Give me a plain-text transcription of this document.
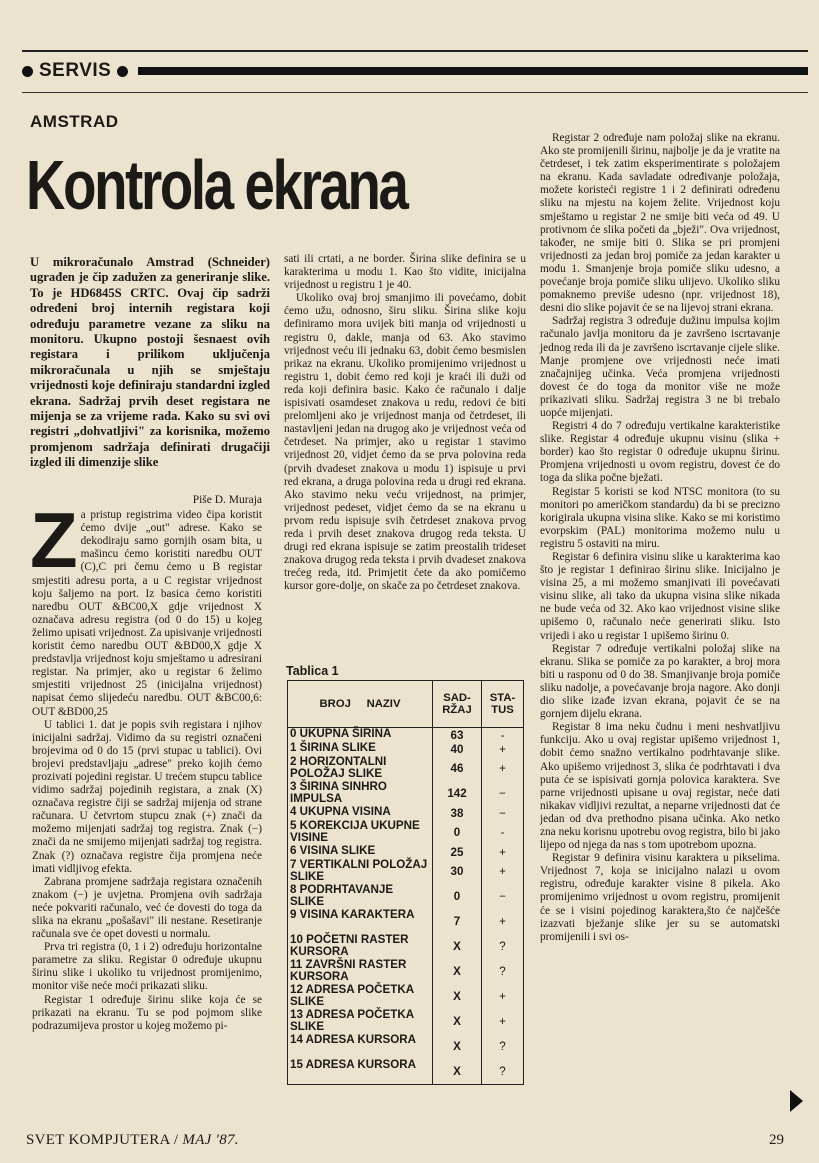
SERVIS
AMSTRAD
Kontrola ekrana
U mikroračunalo Amstrad (Schneider) ugrađen je čip zadužen za generiranje slike. To je HD6845S CRTC. Ovaj čip sadrži određeni broj internih registara koji određuju parametre vezane za sliku na monitoru. Ukupno postoji šesnaest ovih registara i prilikom uključenja mikroračunala u njih se smještaju vrijednosti koje definiraju standardni izgled ekrana. Sadržaj prvih deset registara ne mijenja se za vrijeme rada. Kako su svi ovi registri „dohvatljivi" za korisnika, možemo promjenom sadržaja definirati drugačiji izgled ili dimenzije slike

Piše D. Muraja

Za pristup registrima video čipa koristit ćemo dvije „out" adrese. Kako se dekodiraju samo gornjih osam bita, u mašincu ćemo koristiti naredbu OUT (C),C pri čemu ćemo u B registar smjestiti adresu porta, a u C registar vrijednost koju šaljemo na port. Iz basica ćemo koristiti naredbu OUT &BC00,X gdje vrijednost X označava adresu registra (od 0 do 15) u kojeg želimo upisati vrijednost. Za upisivanje vrijednosti koristit ćemo naredbu OUT &BD00,X gdje X predstavlja vrijednost koju smještamo u adresirani registar. Na primjer, ako u registar 6 želimo smjestiti vrijednost 25 (inicijalna vrijednost) napisat ćemo slijedeću naredbu. OUT &BC00,6: OUT &BD00,25

U tablici 1. dat je popis svih registara i njihov inicijalni sadržaj. Vidimo da su registri označeni brojevima od 0 do 15 (prvi stupac u tablici). Ovi brojevi predstavljaju „adrese" preko kojih ćemo prozivati pojedini registar. U trećem stupcu tablice vidimo sadržaj pojedinih registara, a znak (X) označava registre čiji se sadržaj mijenja od strane računara. U četvrtom stupcu znak (+) znači da možemo mijenjati sadržaj tog registra. Znak (−) znači da ne smijemo mijenjati sadržaj tog registra. Znak (?) označava registre čija promjena neće imati vidljivog efekta.

Zabrana promjene sadržaja registara označenih znakom (−) je uvjetna. Promjena ovih sadržaja neće pokvariti računalo, već će dovesti do toga da slika na ekranu „pošašavi" ili nestane. Resetiranje računala sve će opet dovesti u normalu.

Prva tri registra (0, 1 i 2) određuju horizontalne parametre za sliku. Registar 0 određuje ukupnu širinu slike i ukoliko tu vrijednost promijenimo, monitor više neće moći prikazati sliku.

Registar 1 određuje širinu slike koja će se prikazati na ekranu. Tu se pod pojmom slike podrazumijeva prostor u kojeg možemo pi-

sati ili crtati, a ne border. Širina slike definira se u karakterima u modu 1. Kao što vidite, inicijalna vrijednost u registru 1 je 40.

Ukoliko ovaj broj smanjimo ili povećamo, dobit ćemo užu, odnosno, širu sliku. Širina slike koju definiramo mora uvijek biti manja od vrijednosti u registru 0, dakle, manja od 63. Ako stavimo vrijednost veću ili jednaku 63, dobit ćemo besmislen prikaz na ekranu. Ukoliko promijenimo vrijednost u registru 1, dobit ćemo red koji je kraći ili duži od reda koji definira basic. Kako će računalo i dalje ispisivati osamdeset znakova u redu, redovi će biti prelomljeni ako je vrijednost manja od četrdeset, ili nastavljeni jedan na drugog ako je vrijednost veća od četrdeset. Na primjer, ako u registar 1 stavimo vrijednost 20, vidjet ćemo da se prva polovina reda (prvih dvadeset znakova u modu 1) ispisuje u prvi red ekrana, a druga polovina reda u drugi red ekrana. Ako stavimo neku veću vrijednost, na primjer, vrijednost pedeset, vidjet ćemo da se na ekranu u prvom redu ispisuje svih četrdeset znakova prvog reda i prvih deset znakova drugog reda teksta. U drugi red ekrana ispisuje se zatim preostalih trideset znakova drugog reda teksta i prvih dvadeset znakova trećeg reda, itd. Primjetit ćete da ako pomičemo kursor gore-dolje, on skače za po četrdeset znakova.

Tablica 1
BROJ NAZIV	SAD- RŽAJ	STA- TUS
0 UKUPNA ŠIRINA	63	-
1 ŠIRINA SLIKE	40	+
2 HORIZONTALNI POLOŽAJ SLIKE	46	+
3 ŠIRINA SINHRO IMPULSA	142	−
4 UKUPNA VISINA	38	−
5 KOREKCIJA UKUPNE VISINE	0	-
6 VISINA SLIKE	25	+
7 VERTIKALNI POLOŽAJ SLIKE	30	+
8 PODRHTAVANJE SLIKE	0	−
9 VISINA KARAKTERA	7	+
10 POČETNI RASTER KURSORA	X	?
11 ZAVRŠNI RASTER KURSORA	X	?
12 ADRESA POČETKA SLIKE	X	+
13 ADRESA POČETKA SLIKE	X	+
14 ADRESA KURSORA	X	?
15 ADRESA KURSORA	X	?

Registar 2 određuje nam položaj slike na ekranu. Ako ste promijenili širinu, najbolje je da je vratite na četrdeset, i tek zatim eksperimentirate s položajem na ekranu. Kada savladate određivanje položaja, možete koristeći registre 1 i 2 definirati određenu sliku na mjestu na kojem želite. Vrijednost koju smještamo u registar 2 ne smije biti veća od 49. U protivnom će slika početi da „bježi". Ova vrijednost, također, ne smije biti 0. Slika se pri promjeni vrijednosti za jedan broj pomiče za jedan karakter u modu 1. Smanjenje broja pomiče sliku udesno, a povećanje broja pomiče sliku ulijevo. Ukoliko sliku pomaknemo previše udesno (npr. vrijednost 18), desni dio slike pojavit će se na lijevoj strani ekrana.

Sadržaj registra 3 određuje dužinu impulsa kojim računalo javlja monitoru da je završeno iscrtavanje jednog reda ili da je završeno iscrtavanje cijele slike. Manje promjene ove vrijednosti neće imati značajnijeg učinka. Veća promjena vrijednosti dovest će do toga da monitor više ne može prikazivati sliku. Sadržaj registra 3 ne bi trebalo uopće mijenjati.

Registri 4 do 7 određuju vertikalne karakteristike slike. Registar 4 određuje ukupnu visinu (slika + border) kao što registar 0 određuje ukupnu širinu. Promjena vrijednosti u ovom registru, dovest će do toga da slika počne bježati.

Registar 5 koristi se kod NTSC monitora (to su monitori po američkom standardu) da bi se precizno korigirala ukupna visina slike. Kako se mi koristimo evorpskim (PAL) monitorima možemo nulu u registru 5 ostaviti na miru.

Registar 6 definira visinu slike u karakterima kao što je registar 1 definirao širinu slike. Inicijalno je visina 25, a mi možemo smanjivati ili povećavati visinu slike, ali tako da ukupna visina slike nikada ne bude veća od 32. Ako kao vrijednost visine slike upišemo 0, računalo neće generirati sliku. Isto vrijedi i ako u registar 1 upišemo širinu 0.

Registar 7 određuje vertikalni položaj slike na ekranu. Slika se pomiče za po karakter, a broj mora biti u rasponu od 0 do 38. Smanjivanje broja pomiče sliku nadolje, a povećavanje broja nagore. Ako donji dio slike izađe izvan ekrana, pojavit će se na gornjem dijelu ekrana.

Registar 8 ima neku čudnu i meni neshvatljivu funkciju. Ako u ovaj registar upišemo vrijednost 1, dobit ćemo snažno vertikalno podrhtavanje slike. Ako upišemo vrijednost 3, slika će podrhtavati i dva puta će se ispisivati gornja polovica karaktera. Sve parne vrijednosti upisane u ovaj registar, neće dati nikakav vidljivi rezultat, a neparne vrijednosti dat će jedan od dva prethodno pisana učinka. Ako netko zna neku korisnu upotrebu ovog registra, bilo bi jako lijepo od njega da nas s tom upotrebom upozna.

Registar 9 definira visinu karaktera u pikselima. Vrijednost 7, koja se inicijalno nalazi u ovom registru, određuje karakter visine 8 pikela. Ako promijenimo vrijednost u ovom registru, promijenit će se i visini pojedinog karaktera,što će najčešće izazvati bježanje slike jer su se automatski promijenili i svi os-

SVET KOMPJUTERA / MAJ '87.	29
